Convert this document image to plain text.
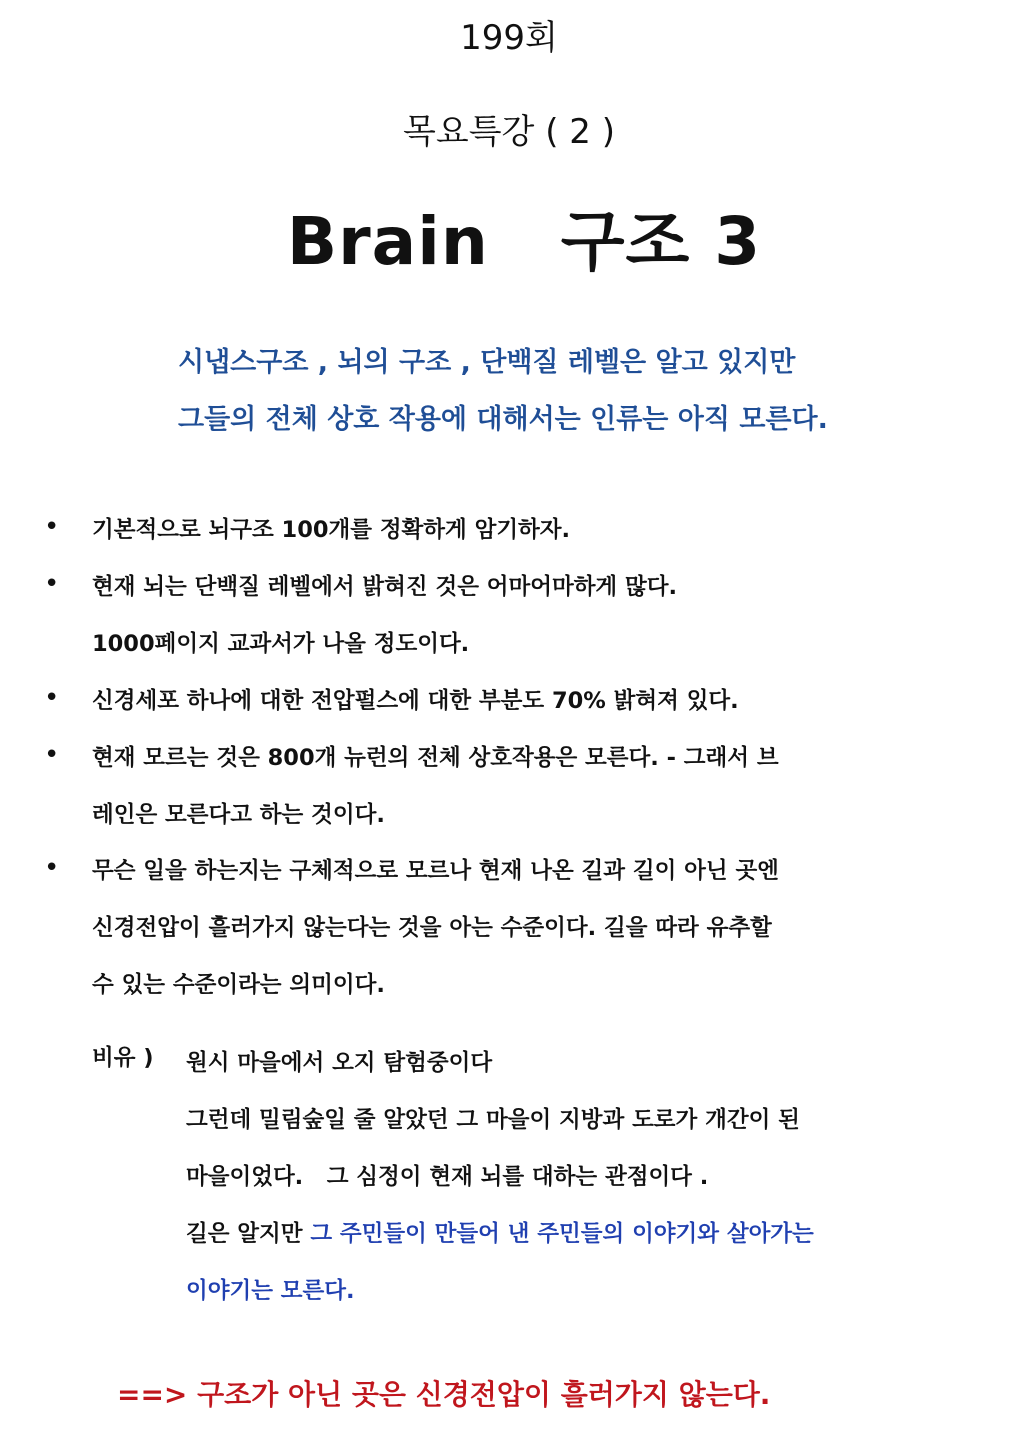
199회
목요특강 ( 2 )
Brain   구조 3
시냅스구조 , 뇌의 구조 , 단백질 레벨은 알고 있지만
그들의 전체 상호 작용에 대해서는 인류는 아직 모른다.
• 기본적으로 뇌구조 100개를 정확하게 암기하자.
• 현재 뇌는 단백질 레벨에서 밝혀진 것은 어마어마하게 많다.
1000페이지 교과서가 나올 정도이다.
• 신경세포 하나에 대한 전압펄스에 대한 부분도 70% 밝혀져 있다.
• 현재 모르는 것은 800개 뉴런의 전체 상호작용은 모른다. - 그래서 브
레인은 모른다고 하는 것이다.
• 무슨 일을 하는지는 구체적으로 모르나 현재 나온 길과 길이 아닌 곳엔
신경전압이 흘러가지 않는다는 것을 아는 수준이다. 길을 따라 유추할
수 있는 수준이라는 의미이다.
비유 ) 원시 마을에서 오지 탐험중이다
그런데 밀림숲일 줄 알았던 그 마을이 지방과 도로가 개간이 된
마을이었다.   그 심정이 현재 뇌를 대하는 관점이다 .
길은 알지만 그 주민들이 만들어 낸 주민들의 이야기와 살아가는
이야기는 모른다.
==> 구조가 아닌 곳은 신경전압이 흘러가지 않는다.
